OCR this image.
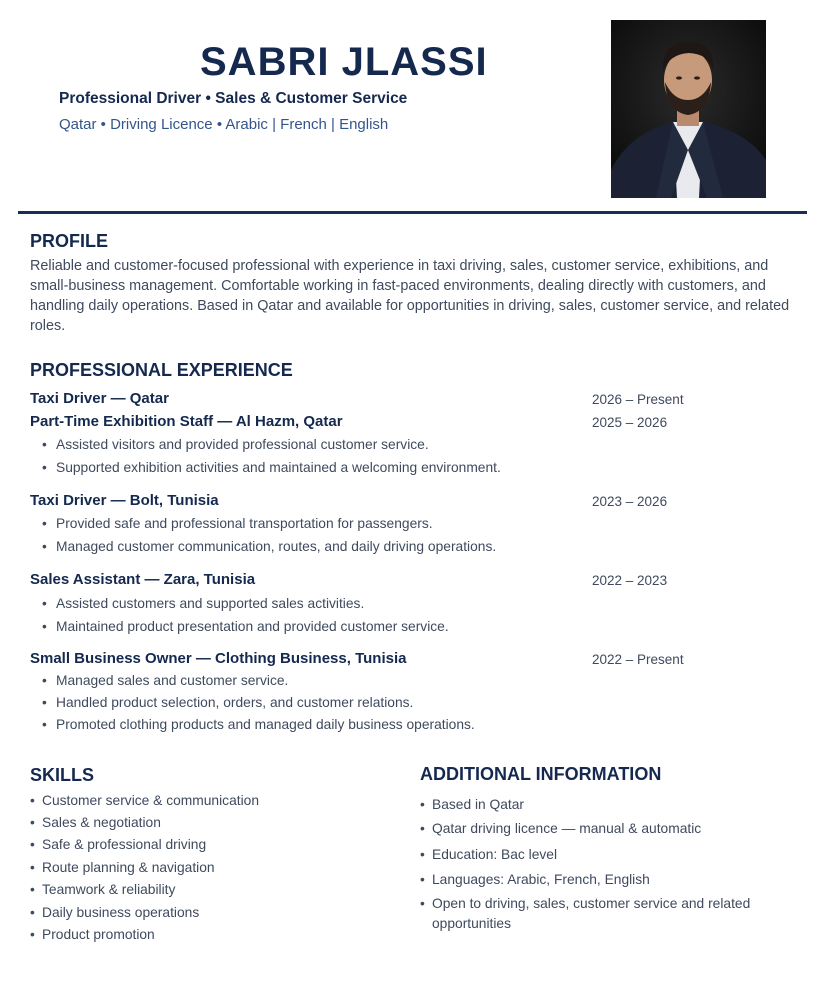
SABRI JLASSI
Professional Driver • Sales & Customer Service
Qatar • Driving Licence • Arabic | French | English
PROFILE
Reliable and customer-focused professional with experience in taxi driving, sales, customer service, exhibitions, and small-business management. Comfortable working in fast-paced environments, dealing directly with customers, and handling daily operations. Based in Qatar and available for opportunities in driving, sales, customer service, and related roles.
PROFESSIONAL EXPERIENCE
Taxi Driver — Qatar	2026 – Present
Part-Time Exhibition Staff — Al Hazm, Qatar	2025 – 2026
• Assisted visitors and provided professional customer service.
• Supported exhibition activities and maintained a welcoming environment.
Taxi Driver — Bolt, Tunisia	2023 – 2026
• Provided safe and professional transportation for passengers.
• Managed customer communication, routes, and daily driving operations.
Sales Assistant — Zara, Tunisia	2022 – 2023
• Assisted customers and supported sales activities.
• Maintained product presentation and provided customer service.
Small Business Owner — Clothing Business, Tunisia	2022 – Present
• Managed sales and customer service.
• Handled product selection, orders, and customer relations.
• Promoted clothing products and managed daily business operations.
SKILLS
• Customer service & communication
• Sales & negotiation
• Safe & professional driving
• Route planning & navigation
• Teamwork & reliability
• Daily business operations
• Product promotion
ADDITIONAL INFORMATION
• Based in Qatar
• Qatar driving licence — manual & automatic
• Education: Bac level
• Languages: Arabic, French, English
• Open to driving, sales, customer service and related opportunities
